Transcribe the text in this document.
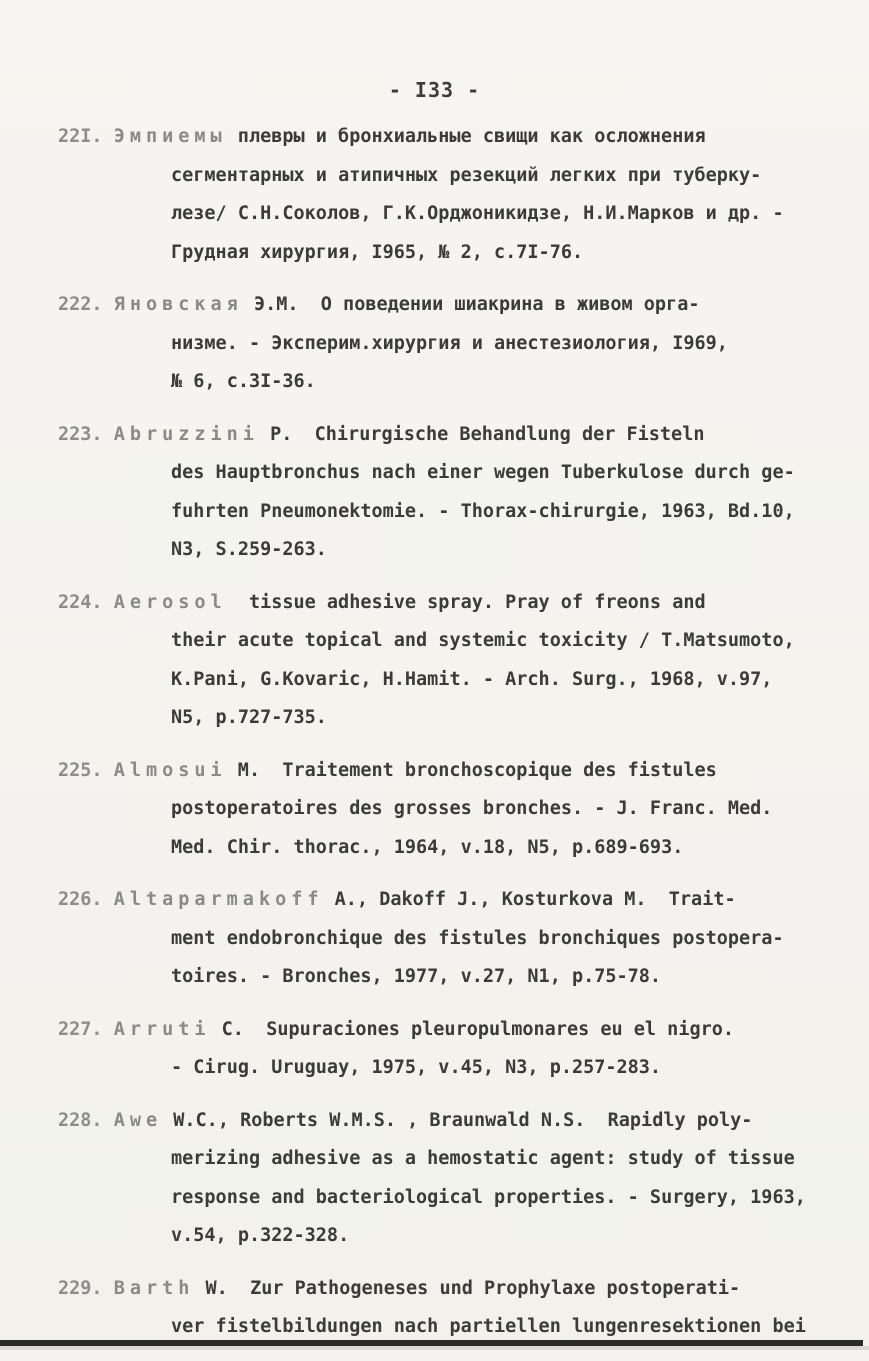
- I33 -
22I. Эмпиемы плевры и бронхиальные свищи как осложнения
сегментарных и атипичных резекций легких при туберку-
лезе/ С.Н.Соколов, Г.К.Орджоникидзе, Н.И.Марков и др. -
Грудная хирургия, I965, № 2, с.7I-76.
222. Яновская Э.М.  О поведении шиакрина в живом орга-
низме. - Эксперим.хирургия и анестезиология, I969,
№ 6, с.3I-36.
223. Abruzzini P.  Chirurgische Behandlung der Fisteln
des Hauptbronchus nach einer wegen Tuberkulose durch ge-
fuhrten Pneumonektomie. - Thorax-chirurgie, 1963, Bd.10,
N3, S.259-263.
224. Aerosol  tissue adhesive spray. Pray of freons and
their acute topical and systemic toxicity / T.Matsumoto,
K.Pani, G.Kovaric, H.Hamit. - Arch. Surg., 1968, v.97,
N5, p.727-735.
225. Almosui M.  Traitement bronchoscopique des fistules
postoperatoires des grosses bronches. - J. Franc. Med.
Med. Chir. thorac., 1964, v.18, N5, p.689-693.
226. Altaparmakoff A., Dakoff J., Kosturkova M.  Trait-
ment endobronchique des fistules bronchiques postopera-
toires. - Bronches, 1977, v.27, N1, p.75-78.
227. Arruti C.  Supuraciones pleuropulmonares eu el nigro.
- Cirug. Uruguay, 1975, v.45, N3, p.257-283.
228. Awe W.C., Roberts W.M.S. , Braunwald N.S.  Rapidly poly-
merizing adhesive as a hemostatic agent: study of tissue
response and bacteriological properties. - Surgery, 1963,
v.54, p.322-328.
229. Barth W.  Zur Pathogeneses und Prophylaxe postoperati-
ver fistelbildungen nach partiellen lungenresektionen bei
